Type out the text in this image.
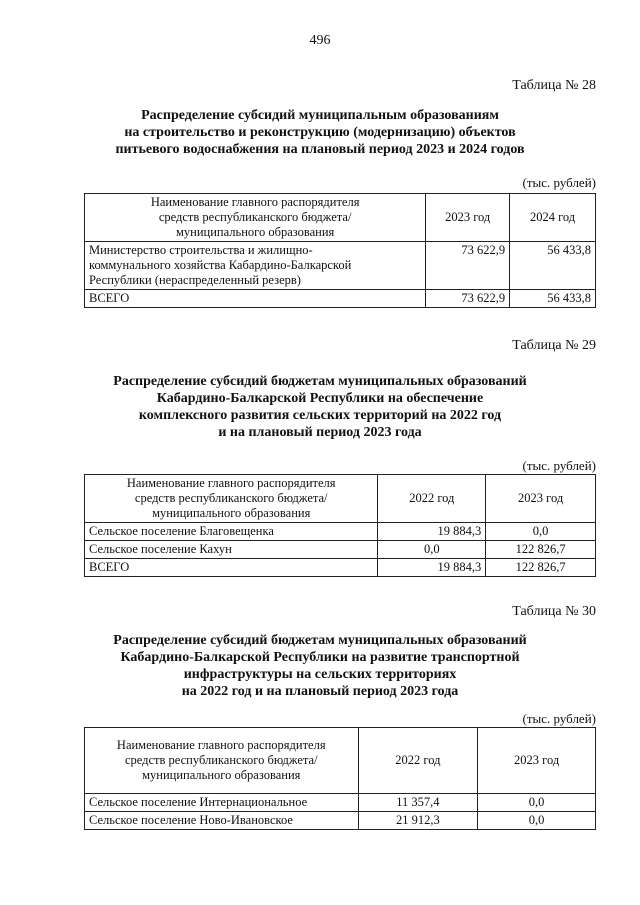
496
Таблица № 28
Распределение субсидий муниципальным образованиям
на строительство и реконструкцию (модернизацию) объектов
питьевого водоснабжения на плановый период 2023 и 2024 годов
(тыс. рублей)
Наименование главного распорядителя
средств республиканского бюджета/
муниципального образования	2023 год	2024 год

Министерство строительства и жилищно-
коммунального хозяйства Кабардино-Балкарской
Республики (нераспределенный резерв)	73 622,9	56 433,8
ВСЕГО	73 622,9	56 433,8
Таблица № 29
Распределение субсидий бюджетам муниципальных образований
Кабардино-Балкарской Республики на обеспечение
комплексного развития сельских территорий на 2022 год
и на плановый период 2023 года
(тыс. рублей)
Наименование главного распорядителя
средств республиканского бюджета/
муниципального образования	2022 год	2023 год
Сельское поселение Благовещенка	19 884,3	0,0
Сельское поселение Кахун	0,0	122 826,7
ВСЕГО	19 884,3	122 826,7
Таблица № 30
Распределение субсидий бюджетам муниципальных образований
Кабардино-Балкарской Республики на развитие транспортной
инфраструктуры на сельских территориях
на 2022 год и на плановый период 2023 года
(тыс. рублей)
Наименование главного распорядителя
средств республиканского бюджета/
муниципального образования	2022 год	2023 год
Сельское поселение Интернациональное	11 357,4	0,0
Сельское поселение Ново-Ивановское	21 912,3	0,0
